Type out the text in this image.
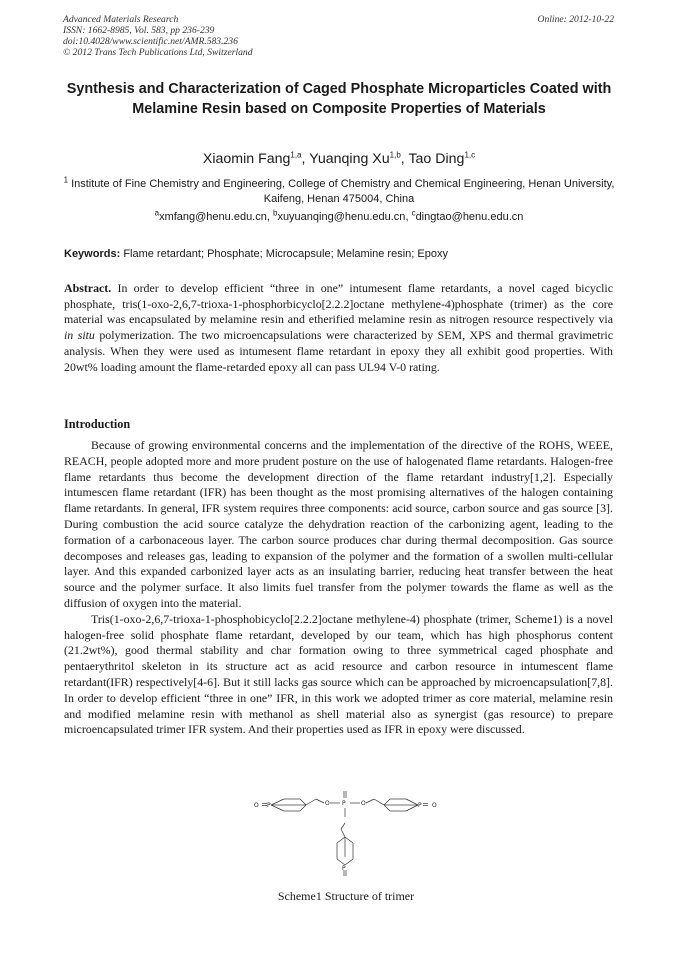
Advanced Materials Research
ISSN: 1662-8985, Vol. 583, pp 236-239
doi:10.4028/www.scientific.net/AMR.583.236
© 2012 Trans Tech Publications Ltd, Switzerland
Online: 2012-10-22
Synthesis and Characterization of Caged Phosphate Microparticles Coated with Melamine Resin based on Composite Properties of Materials
Xiaomin Fang$^{1,a}$, Yuanqing Xu$^{1,b}$, Tao Ding$^{1,c}$
$^1$ Institute of Fine Chemistry and Engineering, College of Chemistry and Chemical Engineering, Henan University, Kaifeng, Henan 475004, China
$^a$xmfang@henu.edu.cn, $^b$xuyuanqing@henu.edu.cn, $^c$dingtao@henu.edu.cn
Keywords: Flame retardant; Phosphate; Microcapsule; Melamine resin; Epoxy
Abstract. In order to develop efficient “three in one” intumesent flame retardants, a novel caged bicyclic phosphate, tris(1-oxo-2,6,7-trioxa-1-phosphorbicyclo[2.2.2]octane methylene-4)phosphate (trimer) as the core material was encapsulated by melamine resin and etherified melamine resin as nitrogen resource respectively via in situ polymerization. The two microencapsulations were characterized by SEM, XPS and thermal gravimetric analysis. When they were used as intumesent flame retardant in epoxy they all exhibit good properties. With 20wt% loading amount the flame-retarded epoxy all can pass UL94 V-0 rating.
Introduction

Because of growing environmental concerns and the implementation of the directive of the ROHS, WEEE, REACH, people adopted more and more prudent posture on the use of halogenated flame retardants. Halogen-free flame retardants thus become the development direction of the flame retardant industry[1,2]. Especially intumescen flame retardant (IFR) has been thought as the most promising alternatives of the halogen containing flame retardants. In general, IFR system requires three components: acid source, carbon source and gas source [3]. During combustion the acid source catalyze the dehydration reaction of the carbonizing agent, leading to the formation of a carbonaceous layer. The carbon source produces char during thermal decomposition. Gas source decomposes and releases gas, leading to expansion of the polymer and the formation of a swollen multi-cellular layer. And this expanded carbonized layer acts as an insulating barrier, reducing heat transfer between the heat source and the polymer surface. It also limits fuel transfer from the polymer towards the flame as well as the diffusion of oxygen into the material.

Tris(1-oxo-2,6,7-trioxa-1-phosphobicyclo[2.2.2]octane methylene-4) phosphate (trimer, Scheme1) is a novel halogen-free solid phosphate flame retardant, developed by our team, which has high phosphorus content (21.2wt%), good thermal stability and char formation owing to three symmetrical caged phosphate and pentaerythritol skeleton in its structure act as acid resource and carbon resource in intumescent flame retardant(IFR) respectively[4-6]. But it still lacks gas source which can be approached by microencapsulation[7,8]. In order to develop efficient “three in one” IFR, in this work we adopted trimer as core material, melamine resin and modified melamine resin with methanol as shell material also as synergist (gas resource) to prepare microencapsulated trimer IFR system. And their properties used as IFR in epoxy were discussed.

O P	O P	O	P O
P
Scheme1 Structure of trimer
